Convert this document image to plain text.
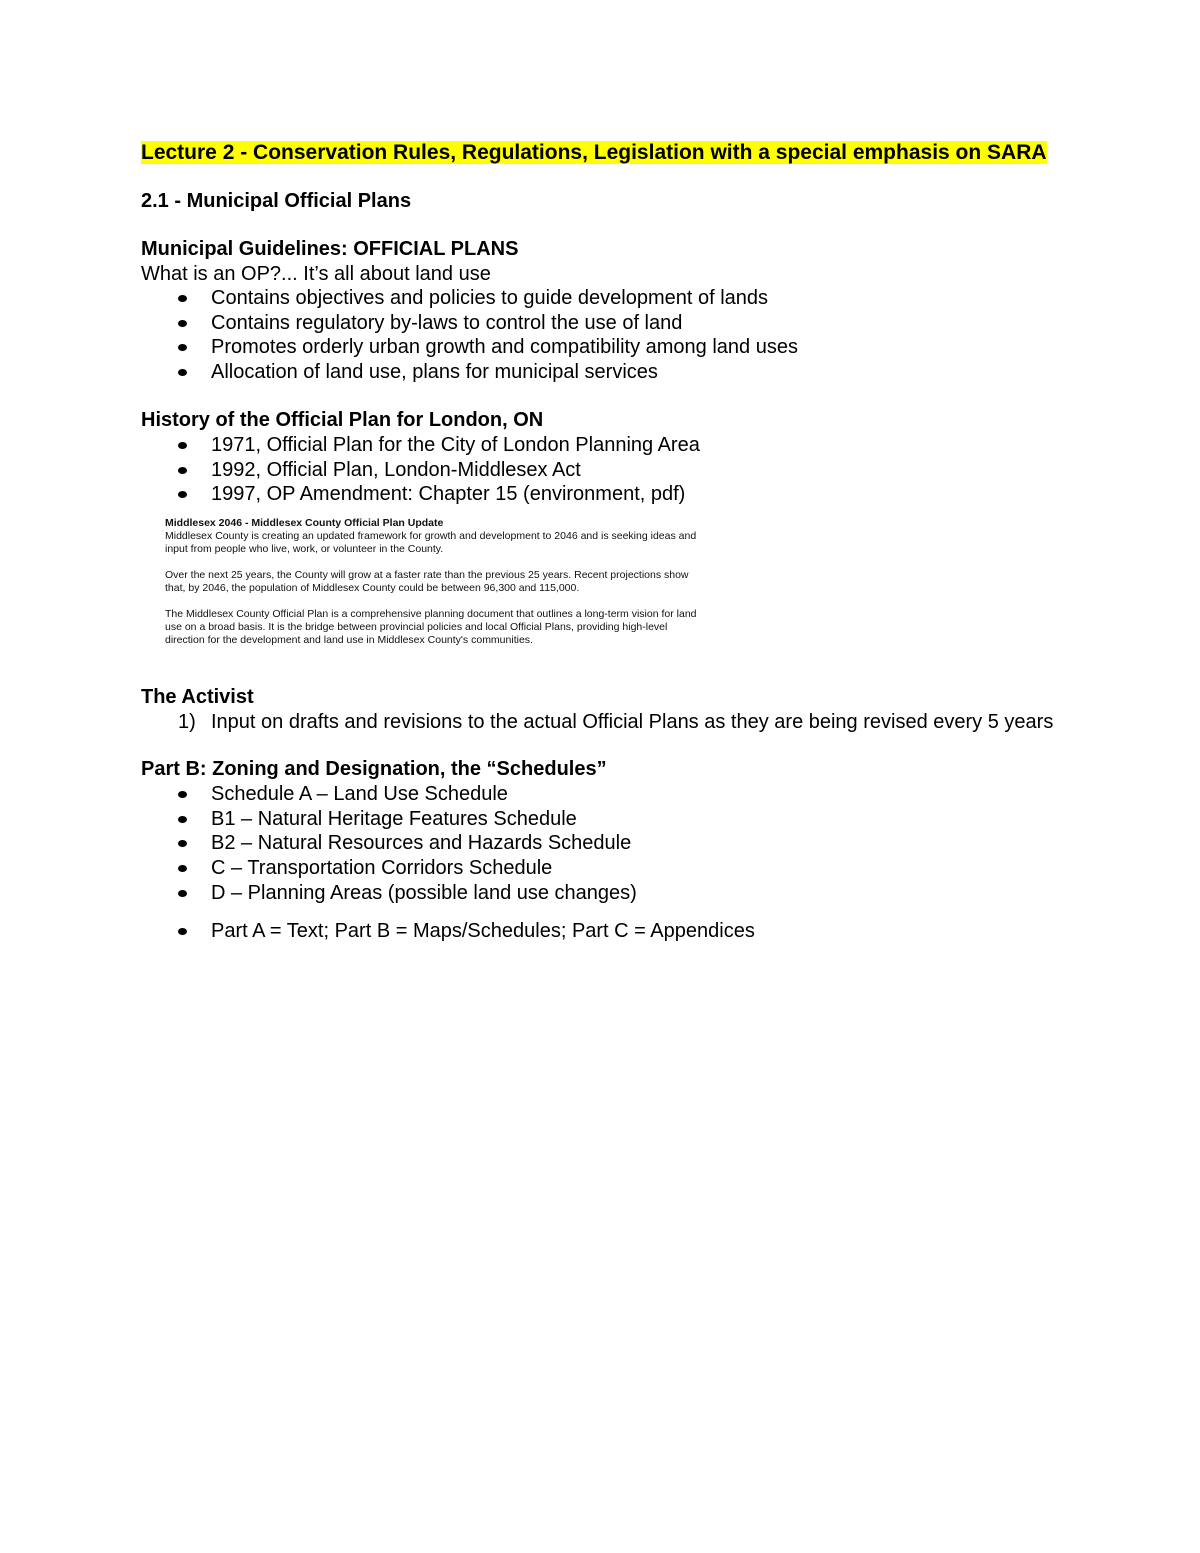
Lecture 2 - Conservation Rules, Regulations, Legislation with a special emphasis on SARA

2.1 - Municipal Official Plans

Municipal Guidelines: OFFICIAL PLANS

What is an OP?... It’s all about land use

Contains objectives and policies to guide development of lands
Contains regulatory by-laws to control the use of land
Promotes orderly urban growth and compatibility among land uses
Allocation of land use, plans for municipal services

History of the Official Plan for London, ON

1971, Official Plan for the City of London Planning Area
1992, Official Plan, London-Middlesex Act
1997, OP Amendment: Chapter 15 (environment, pdf)
Middlesex 2046 - Middlesex County Official Plan Update

Middlesex County is creating an updated framework for growth and development to 2046 and is seeking ideas and input from people who live, work, or volunteer in the County.

Over the next 25 years, the County will grow at a faster rate than the previous 25 years. Recent projections show that, by 2046, the population of Middlesex County could be between 96,300 and 115,000.

The Middlesex County Official Plan is a comprehensive planning document that outlines a long-term vision for land use on a broad basis. It is the bridge between provincial policies and local Official Plans, providing high-level direction for the development and land use in Middlesex County's communities.

The Activist

1) Input on drafts and revisions to the actual Official Plans as they are being revised every 5 years

Part B: Zoning and Designation, the “Schedules”

Schedule A – Land Use Schedule
B1 – Natural Heritage Features Schedule
B2 – Natural Resources and Hazards Schedule
C – Transportation Corridors Schedule
D – Planning Areas (possible land use changes)
Part A = Text; Part B = Maps/Schedules; Part C = Appendices
